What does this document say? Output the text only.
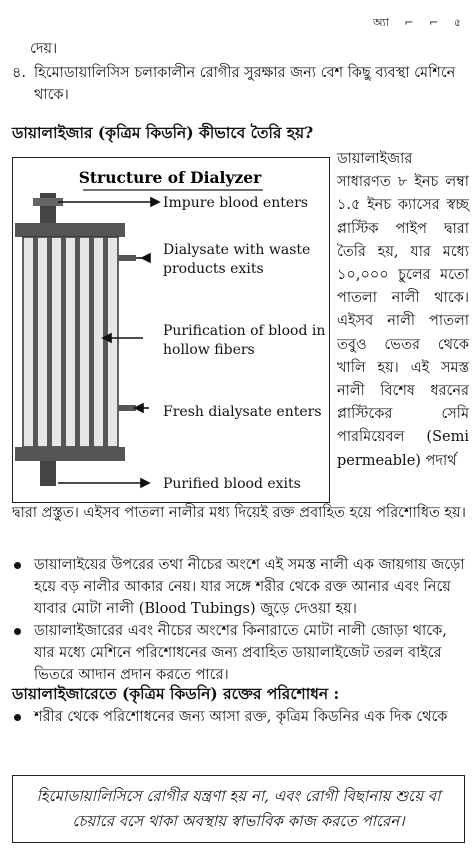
অ্যা ⌐ ⌐ ৫
দেয়।
৪. হিমোডায়ালিসিস চলাকালীন রোগীর সুরক্ষার জন্য বেশ কিছু ব্যবস্থা মেশিনে থাকে।
ডায়ালাইজার (কৃত্রিম কিডনি) কীভাবে তৈরি হয়?
Structure of Dialyzer
Impure blood enters
Dialysate with waste
products exits
Purification of blood in
hollow fibers
Fresh dialysate enters
Purified blood exits
ডায়ালাইজার সাধারণত ৮ ইনচ লম্বা ১.৫ ইনচ ক্যাসের স্বচ্ছ প্লাস্টিক পাইপ দ্বারা তৈরি হয়, যার মধ্যে ১০,০০০ চুলের মতো পাতলা নালী থাকে। এইসব নালী পাতলা তবুও ভেতর থেকে খালি হয়। এই সমস্ত নালী বিশেষ ধরনের প্লাস্টিকের সেমি পারমিয়েবল (Semi permeable) পদার্থ
দ্বারা প্রস্তুত। এইসব পাতলা নালীর মধ্য দিয়েই রক্ত প্রবাহিত হয়ে পরিশোধিত হয়।
ডায়ালাইয়ের উপরের তথা নীচের অংশে এই সমস্ত নালী এক জায়গায় জড়ো হয়ে বড় নালীর আকার নেয়। যার সঙ্গে শরীর থেকে রক্ত আনার এবং নিয়ে যাবার মোটা নালী (Blood Tubings) জুড়ে দেওয়া হয়।
ডায়ালাইজারের এবং নীচের অংশের কিনারাতে মোটা নালী জোড়া থাকে, যার মধ্যে মেশিনে পরিশোধনের জন্য প্রবাহিত ডায়ালাইজেট তরল বাইরে ভিতরে আদান প্রদান করতে পারে।
ডায়ালাইজারেতে (কৃত্রিম কিডনি) রক্তের পরিশোধন :
শরীর থেকে পরিশোধনের জন্য আসা রক্ত, কৃত্রিম কিডনির এক দিক থেকে
হিমোডায়ালিসিসে রোগীর যন্ত্রণা হয় না, এবং রোগী বিছানায় শুয়ে বা
চেয়ারে বসে থাকা অবস্থায় স্বাভাবিক কাজ করতে পারেন।
